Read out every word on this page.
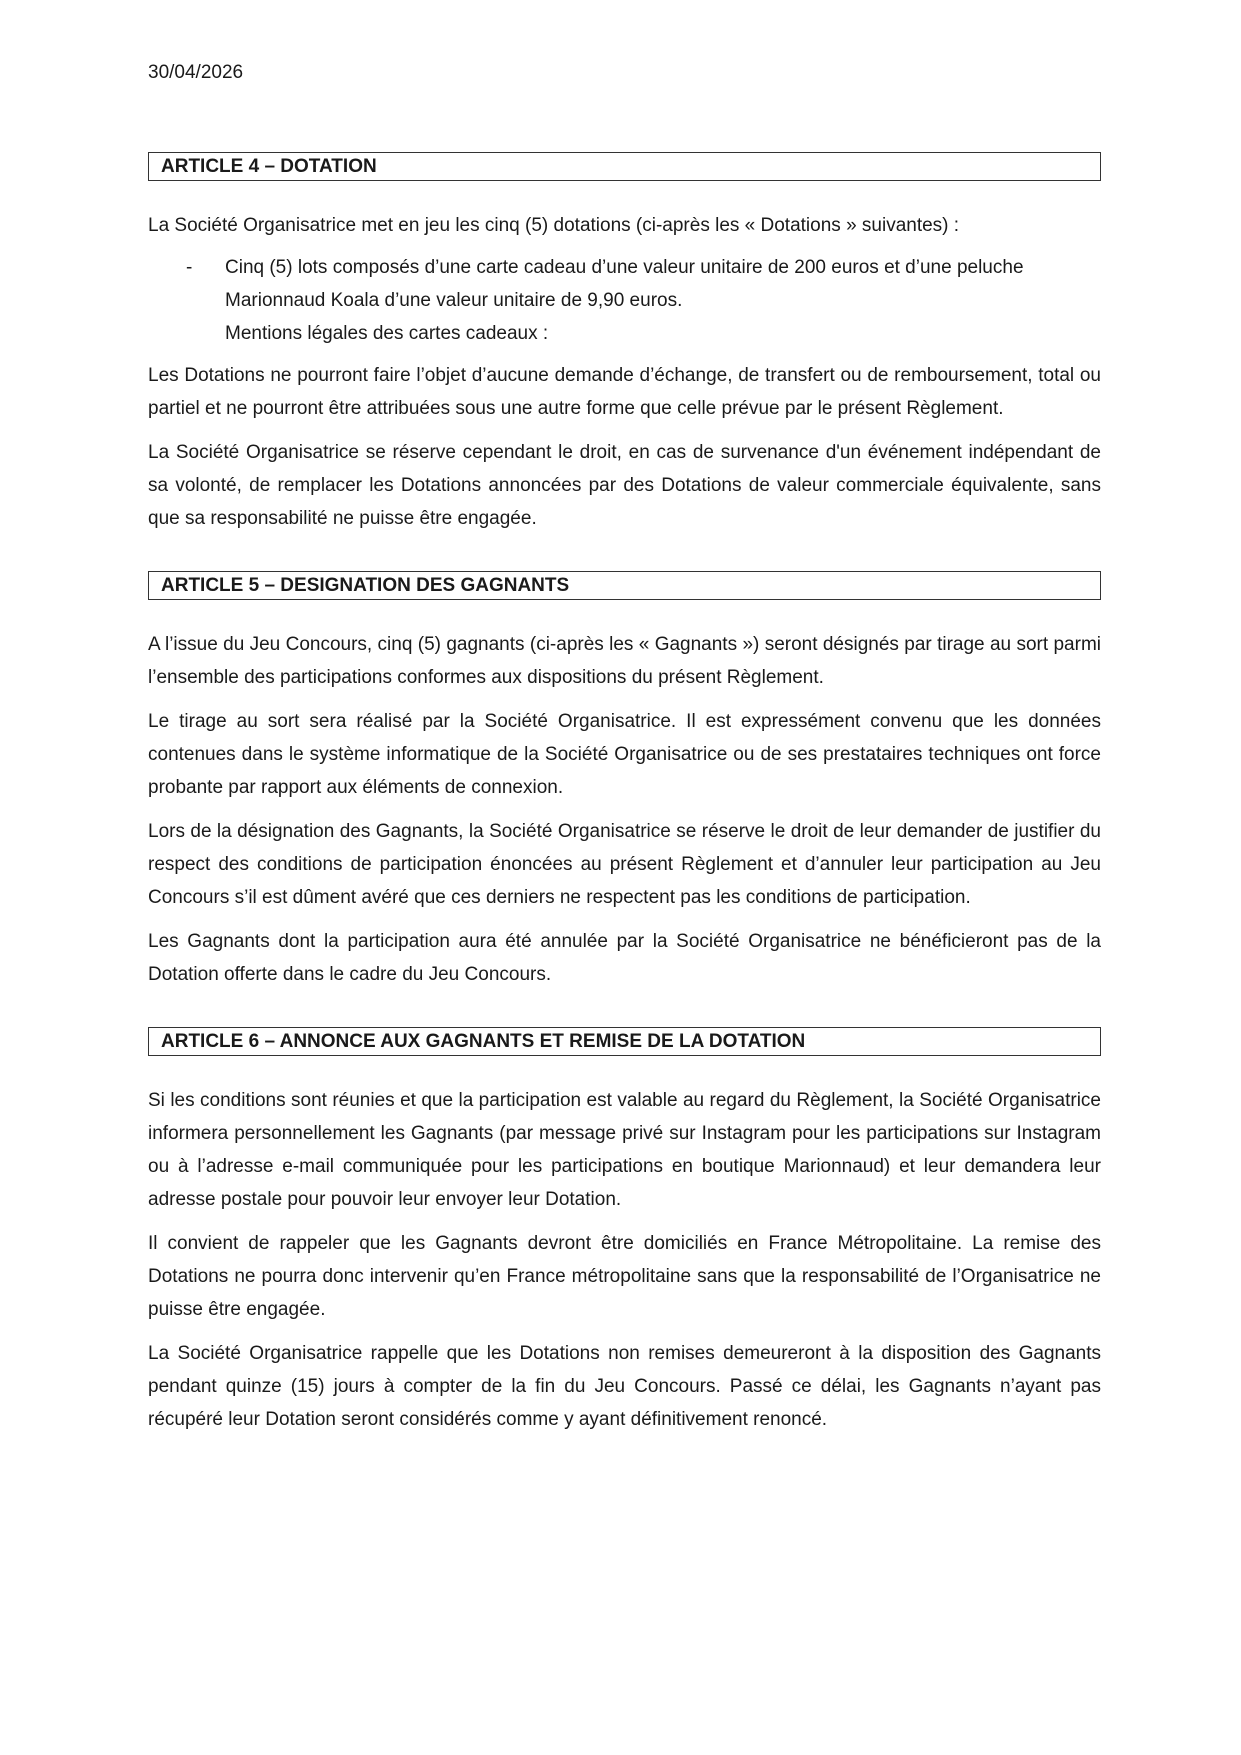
30/04/2026
ARTICLE 4 – DOTATION

La Société Organisatrice met en jeu les cinq (5) dotations (ci-après les « Dotations » suivantes) :

- Cinq (5) lots composés d’une carte cadeau d’une valeur unitaire de 200 euros et d’une peluche
Marionnaud Koala d’une valeur unitaire de 9,90 euros.
Mentions légales des cartes cadeaux :

Les Dotations ne pourront faire l’objet d’aucune demande d’échange, de transfert ou de remboursement, total ou partiel et ne pourront être attribuées sous une autre forme que celle prévue par le présent Règlement.

La Société Organisatrice se réserve cependant le droit, en cas de survenance d'un événement indépendant de sa volonté, de remplacer les Dotations annoncées par des Dotations de valeur commerciale équivalente, sans que sa responsabilité ne puisse être engagée.

ARTICLE 5 – DESIGNATION DES GAGNANTS

A l’issue du Jeu Concours, cinq (5) gagnants (ci-après les « Gagnants ») seront désignés par tirage au sort parmi l’ensemble des participations conformes aux dispositions du présent Règlement.

Le tirage au sort sera réalisé par la Société Organisatrice. Il est expressément convenu que les données contenues dans le système informatique de la Société Organisatrice ou de ses prestataires techniques ont force probante par rapport aux éléments de connexion.

Lors de la désignation des Gagnants, la Société Organisatrice se réserve le droit de leur demander de justifier du respect des conditions de participation énoncées au présent Règlement et d’annuler leur participation au Jeu Concours s’il est dûment avéré que ces derniers ne respectent pas les conditions de participation.

Les Gagnants dont la participation aura été annulée par la Société Organisatrice ne bénéficieront pas de la Dotation offerte dans le cadre du Jeu Concours.

ARTICLE 6 – ANNONCE AUX GAGNANTS ET REMISE DE LA DOTATION

Si les conditions sont réunies et que la participation est valable au regard du Règlement, la Société Organisatrice informera personnellement les Gagnants (par message privé sur Instagram pour les participations sur Instagram ou à l’adresse e-mail communiquée pour les participations en boutique Marionnaud) et leur demandera leur adresse postale pour pouvoir leur envoyer leur Dotation.

Il convient de rappeler que les Gagnants devront être domiciliés en France Métropolitaine. La remise des Dotations ne pourra donc intervenir qu’en France métropolitaine sans que la responsabilité de l’Organisatrice ne puisse être engagée.

La Société Organisatrice rappelle que les Dotations non remises demeureront à la disposition des Gagnants pendant quinze (15) jours à compter de la fin du Jeu Concours. Passé ce délai, les Gagnants n’ayant pas récupéré leur Dotation seront considérés comme y ayant définitivement renoncé.
